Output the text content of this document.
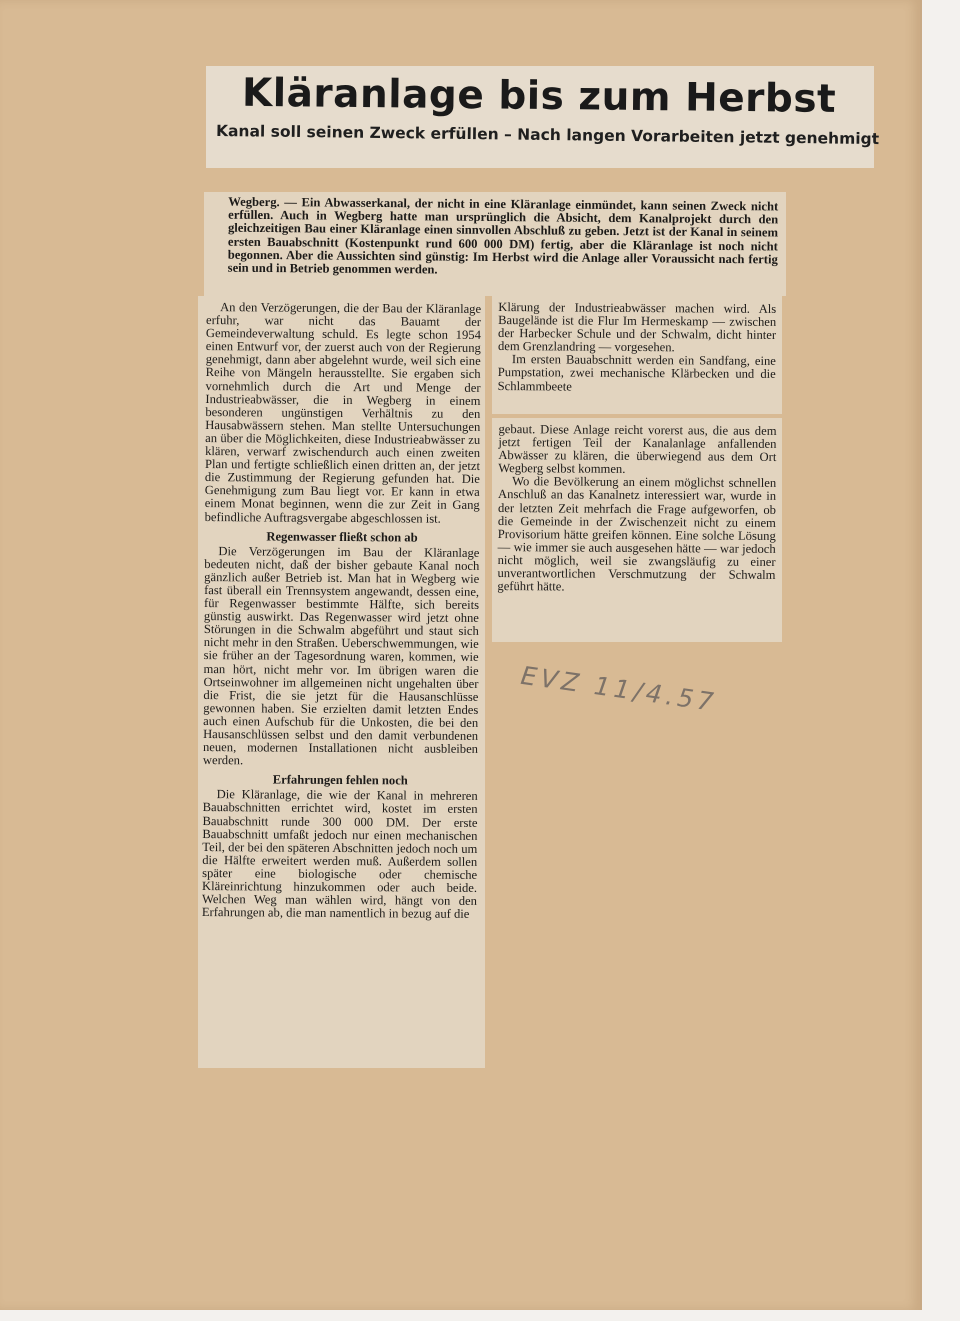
Kläranlage bis zum Herbst
Kanal soll seinen Zweck erfüllen – Nach langen Vorarbeiten jetzt genehmigt

Wegberg. — Ein Abwasserkanal, der nicht in eine Kläranlage einmündet, kann seinen Zweck nicht erfüllen. Auch in Wegberg hatte man ursprünglich die Absicht, dem Kanalprojekt durch den gleichzeitigen Bau einer Kläranlage einen sinnvollen Abschluß zu geben. Jetzt ist der Kanal in seinem ersten Bauabschnitt (Kostenpunkt rund 600 000 DM) fertig, aber die Kläranlage ist noch nicht begonnen. Aber die Aussichten sind günstig: Im Herbst wird die Anlage aller Voraussicht nach fertig sein und in Betrieb genommen werden.

An den Verzögerungen, die der Bau der Kläranlage erfuhr, war nicht das Bauamt der Gemeindeverwaltung schuld. Es legte schon 1954 einen Entwurf vor, der zuerst auch von der Regierung genehmigt, dann aber abgelehnt wurde, weil sich eine Reihe von Mängeln herausstellte. Sie ergaben sich vornehmlich durch die Art und Menge der Industrieabwässer, die in Wegberg in einem besonderen ungünstigen Verhältnis zu den Hausabwässern stehen. Man stellte Untersuchungen an über die Möglichkeiten, diese Industrieabwässer zu klären, verwarf zwischendurch auch einen zweiten Plan und fertigte schließlich einen dritten an, der jetzt die Zustimmung der Regierung gefunden hat. Die Genehmigung zum Bau liegt vor. Er kann in etwa einem Monat beginnen, wenn die zur Zeit in Gang befindliche Auftragsvergabe abgeschlossen ist.

Regenwasser fließt schon ab

Die Verzögerungen im Bau der Kläranlage bedeuten nicht, daß der bisher gebaute Kanal noch gänzlich außer Betrieb ist. Man hat in Wegberg wie fast überall ein Trennsystem angewandt, dessen eine, für Regenwasser bestimmte Hälfte, sich bereits günstig auswirkt. Das Regenwasser wird jetzt ohne Störungen in die Schwalm abgeführt und staut sich nicht mehr in den Straßen. Ueberschwemmungen, wie sie früher an der Tagesordnung waren, kommen, wie man hört, nicht mehr vor. Im übrigen waren die Ortseinwohner im allgemeinen nicht ungehalten über die Frist, die sie jetzt für die Hausanschlüsse gewonnen haben. Sie erzielten damit letzten Endes auch einen Aufschub für die Unkosten, die bei den Hausanschlüssen selbst und den damit verbundenen neuen, modernen Installationen nicht ausbleiben werden.

Erfahrungen fehlen noch

Die Kläranlage, die wie der Kanal in mehreren Bauabschnitten errichtet wird, kostet im ersten Bauabschnitt runde 300 000 DM. Der erste Bauabschnitt umfaßt jedoch nur einen mechanischen Teil, der bei den späteren Abschnitten jedoch noch um die Hälfte erweitert werden muß. Außerdem sollen später eine biologische oder chemische Kläreinrichtung hinzukommen oder auch beide. Welchen Weg man wählen wird, hängt von den Erfahrungen ab, die man namentlich in bezug auf die

Klärung der Industrieabwässer machen wird. Als Baugelände ist die Flur Im Hermeskamp — zwischen der Harbecker Schule und der Schwalm, dicht hinter dem Grenzlandring — vorgesehen.

Im ersten Bauabschnitt werden ein Sandfang, eine Pumpstation, zwei mechanische Klärbecken und die Schlammbeete

gebaut. Diese Anlage reicht vorerst aus, die aus dem jetzt fertigen Teil der Kanalanlage anfallenden Abwässer zu klären, die überwiegend aus dem Ort Wegberg selbst kommen.

Wo die Bevölkerung an einem möglichst schnellen Anschluß an das Kanalnetz interessiert war, wurde in der letzten Zeit mehrfach die Frage aufgeworfen, ob die Gemeinde in der Zwischenzeit nicht zu einem Provisorium hätte greifen können. Eine solche Lösung — wie immer sie auch ausgesehen hätte — war jedoch nicht möglich, weil sie zwangsläufig zu einer unverantwortlichen Verschmutzung der Schwalm geführt hätte.

EVZ 11/4.57
